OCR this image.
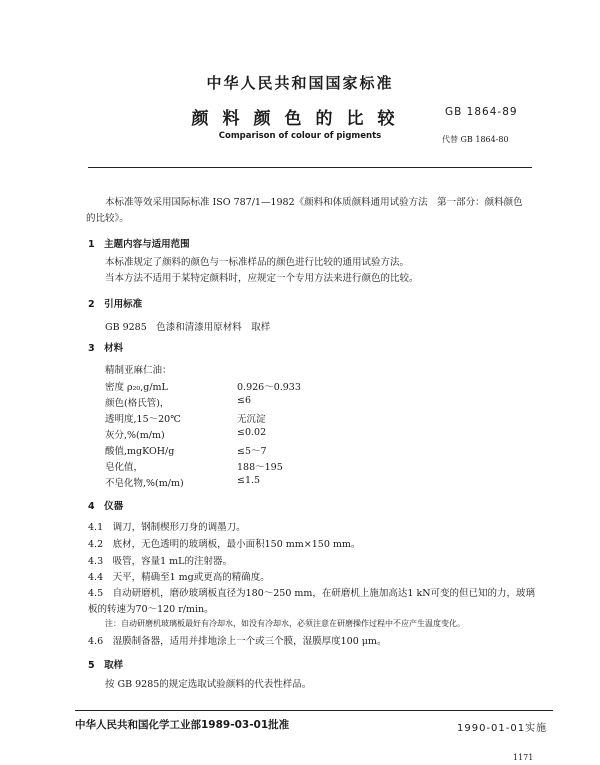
中华人民共和国国家标准
颜料颜色的比较
Comparison of colour of pigments
GB 1864-89
代替 GB 1864-80
本标准等效采用国际标准 ISO 787/1—1982《颜料和体质颜料通用试验方法　第一部分：颜料颜色
的比较》。
1　主题内容与适用范围
本标准规定了颜料的颜色与一标准样品的颜色进行比较的通用试验方法。
当本方法不适用于某特定颜料时，应规定一个专用方法来进行颜色的比较。
2　引用标准
GB 9285　色漆和清漆用原材料　取样
3　材料
精制亚麻仁油：
密度 ρ₂₀,g/mL	0.926～0.933
颜色(格氏管)，	≤6
透明度,15～20℃	无沉淀
灰分,%(m/m)	≤0.02
酸值,mgKOH/g	≤5～7
皂化值，	188～195
不皂化物,%(m/m)	≤1.5
4　仪器
4.1　调刀，钢制楔形刀身的调墨刀。
4.2　底材，无色透明的玻璃板，最小面积150 mm×150 mm。
4.3　吸管，容量1 mL的注射器。
4.4　天平，精确至1 mg或更高的精确度。
4.5　自动研磨机，磨砂玻璃板直径为180～250 mm，在研磨机上施加高达1 kN可变的但已知的力，玻璃
板的转速为70～120 r/min。
注：自动研磨机玻璃板最好有冷却水，如没有冷却水，必须注意在研磨操作过程中不应产生温度变化。
4.6　湿膜制备器，适用并排地涂上一个或三个膜，湿膜厚度100 μm。
5　取样
按 GB 9285的规定选取试验颜料的代表性样品。
中华人民共和国化学工业部1989-03-01批准	1990-01-01实施
1171
